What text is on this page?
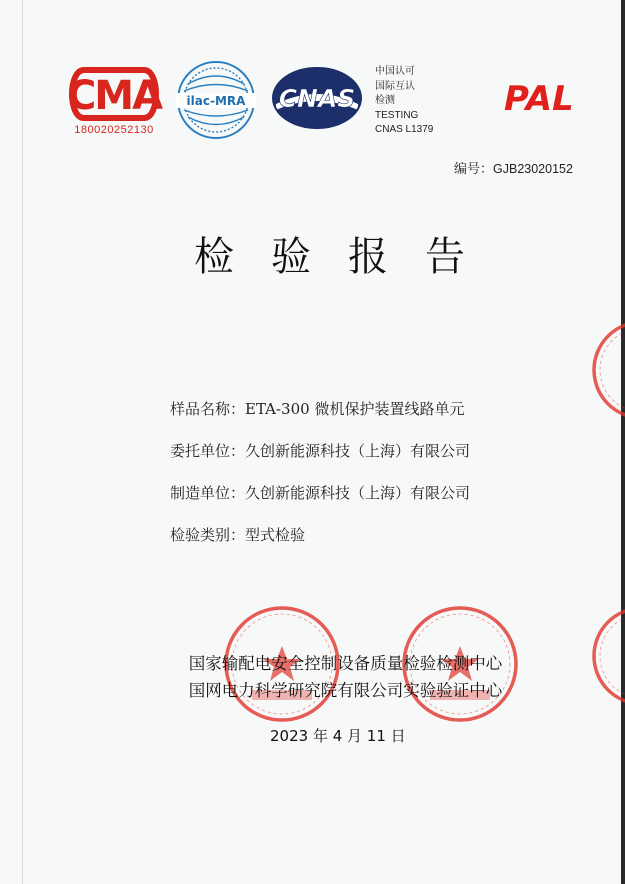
CMA
180020252130
ilac-MRA CNAS
中国认可
国际互认
检测
TESTING
CNAS L1379
PAL
编号：GJB23020152
检验报告
样品名称：ETA-300 微机保护装置线路单元
委托单位：久创新能源科技（上海）有限公司
制造单位：久创新能源科技（上海）有限公司
检验类别：型式检验
国家输配电安全控制设备质量检验检测中心
国网电力科学研究院有限公司实验验证中心
2023 年 4 月 11 日
